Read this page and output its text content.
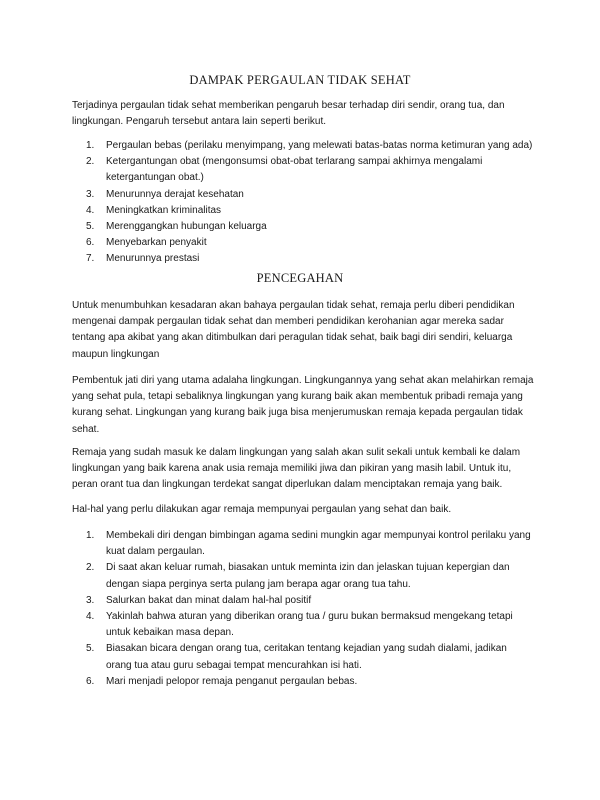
DAMPAK PERGAULAN TIDAK SEHAT

Terjadinya pergaulan tidak sehat memberikan pengaruh besar terhadap diri sendir, orang tua, dan lingkungan. Pengaruh tersebut antara lain seperti berikut.

1.	Pergaulan bebas (perilaku menyimpang, yang melewati batas-batas norma ketimuran yang ada)
2.	Ketergantungan obat (mengonsumsi obat-obat terlarang sampai akhirnya mengalami ketergantungan obat.)
3.	Menurunnya derajat kesehatan
4.	Meningkatkan kriminalitas
5.	Merenggangkan hubungan keluarga
6.	Menyebarkan penyakit
7.	Menurunnya prestasi
PENCEGAHAN

Untuk menumbuhkan kesadaran akan bahaya pergaulan tidak sehat, remaja perlu diberi pendidikan mengenai dampak pergaulan tidak sehat dan memberi pendidikan kerohanian agar mereka sadar tentang apa akibat yang akan ditimbulkan dari peragulan tidak sehat, baik bagi diri sendiri, keluarga maupun lingkungan

Pembentuk jati diri yang utama adalaha lingkungan. Lingkungannya yang sehat akan melahirkan remaja yang sehat pula, tetapi sebaliknya lingkungan yang kurang baik akan membentuk pribadi remaja yang kurang sehat. Lingkungan yang kurang baik juga bisa menjerumuskan remaja kepada pergaulan tidak sehat.

Remaja yang sudah masuk ke dalam lingkungan yang salah akan sulit sekali untuk kembali ke dalam lingkungan yang baik karena anak usia remaja memiliki jiwa dan pikiran yang masih labil. Untuk itu, peran orant tua dan lingkungan terdekat sangat diperlukan dalam menciptakan remaja yang baik.

Hal-hal yang perlu dilakukan agar remaja mempunyai pergaulan yang sehat dan baik.

1.	Membekali diri dengan bimbingan agama sedini mungkin agar mempunyai kontrol perilaku yang kuat dalam pergaulan.
2.	Di saat akan keluar rumah, biasakan untuk meminta izin dan jelaskan tujuan kepergian dan dengan siapa perginya serta pulang jam berapa agar orang tua tahu.
3.	Salurkan bakat dan minat dalam hal-hal positif
4.	Yakinlah bahwa aturan yang diberikan orang tua / guru bukan bermaksud mengekang tetapi untuk kebaikan masa depan.
5.	Biasakan bicara dengan orang tua, ceritakan tentang kejadian yang sudah dialami, jadikan orang tua atau guru sebagai tempat mencurahkan isi hati.
6.	Mari menjadi pelopor remaja penganut pergaulan bebas.
